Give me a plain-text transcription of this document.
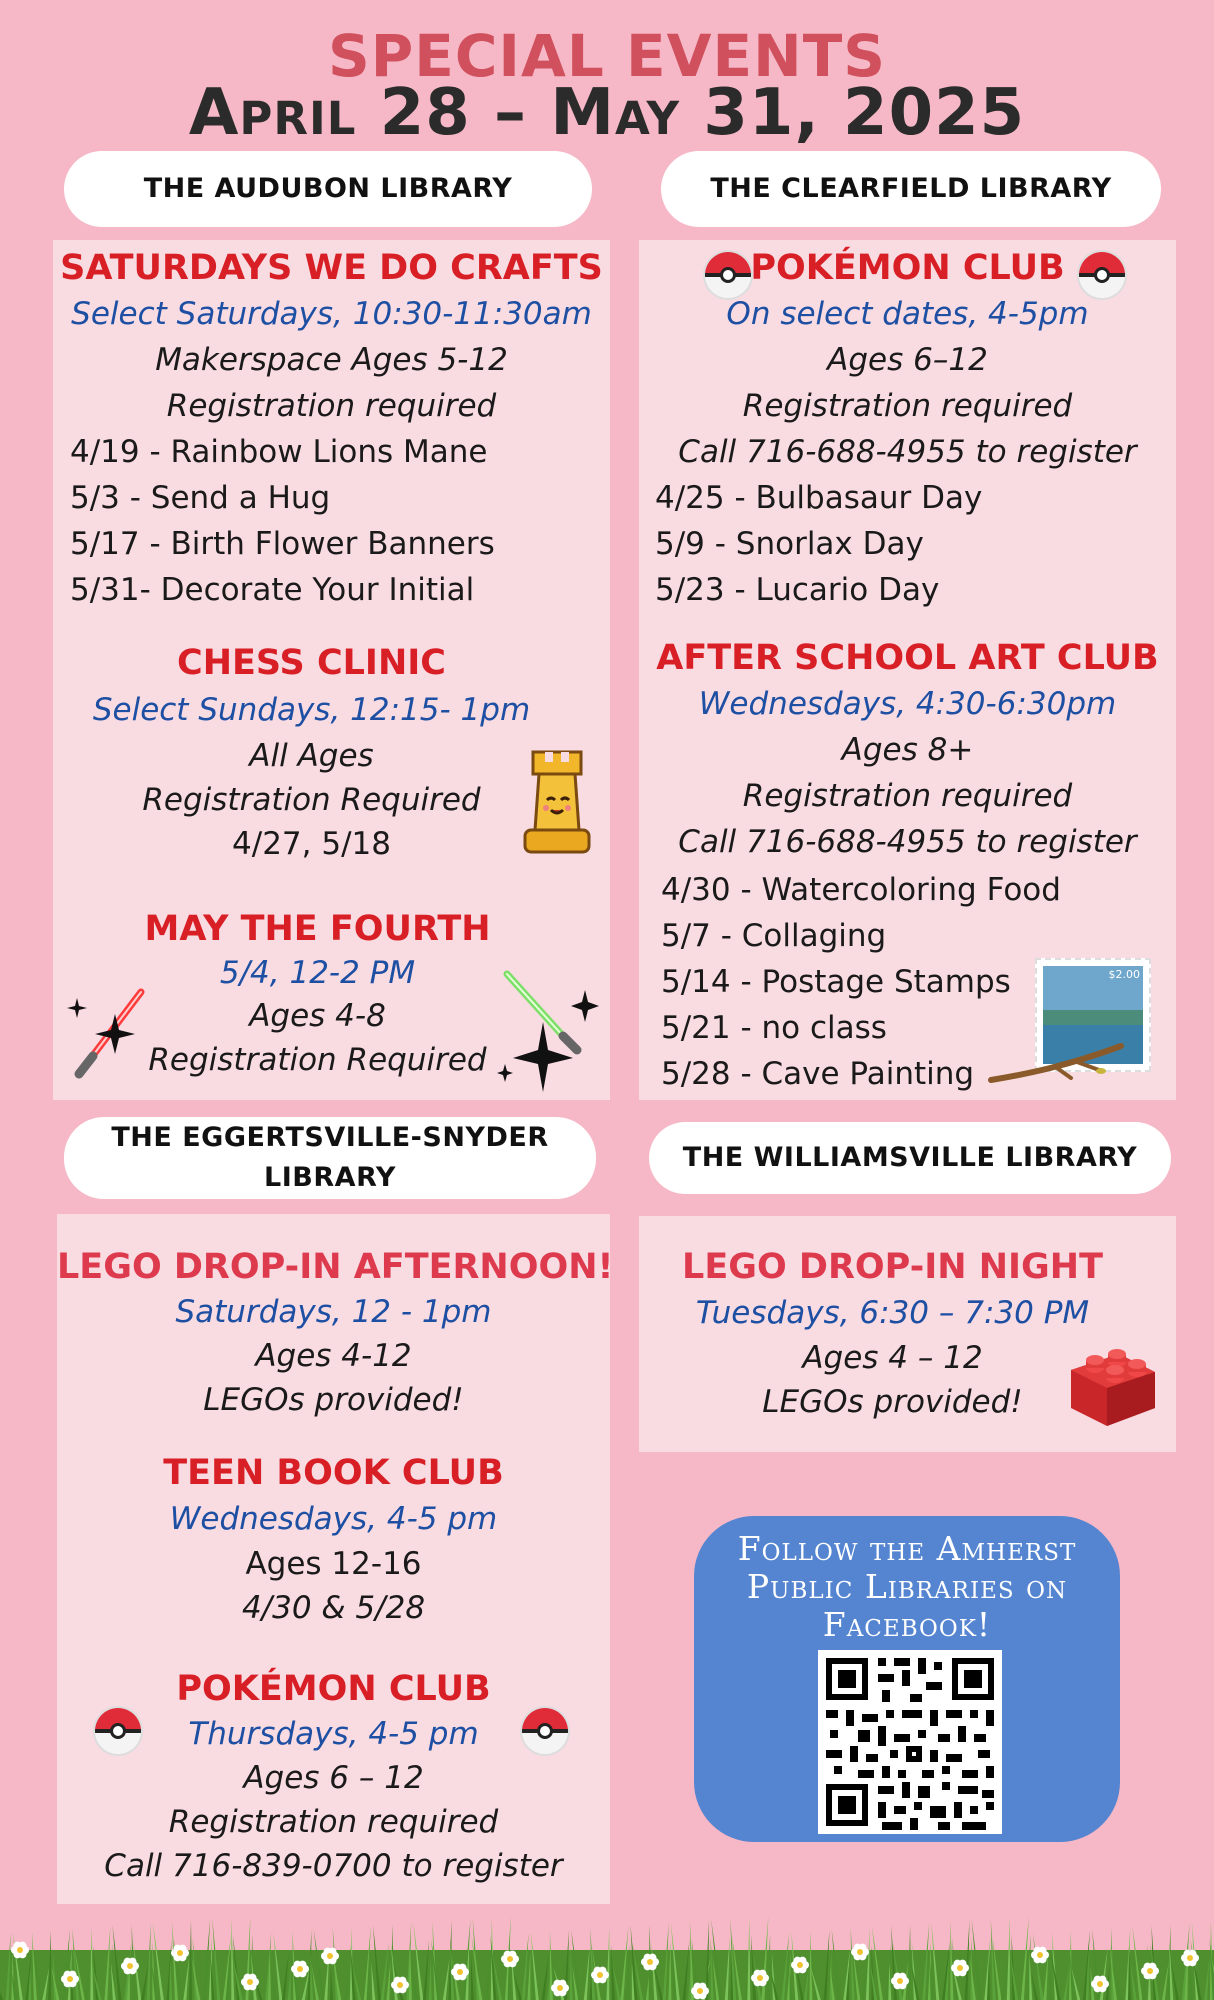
SPECIAL EVENTS
April 28 – May 31, 2025
THE AUDUBON LIBRARY	THE CLEARFIELD LIBRARY
THE EGGERTSVILLE-SNYDER
LIBRARY
THE WILLIAMSVILLE LIBRARY
SATURDAYS WE DO CRAFTS
Select Saturdays, 10:30-11:30am
Makerspace Ages 5-12
Registration required
4/19 - Rainbow Lions Mane
5/3 - Send a Hug
5/17 - Birth Flower Banners
5/31- Decorate Your Initial
CHESS CLINIC
Select Sundays, 12:15- 1pm
All Ages
Registration Required
4/27, 5/18
MAY THE FOURTH
5/4, 12-2 PM
Ages 4-8
Registration Required
POKÉMON CLUB
On select dates, 4-5pm
Ages 6–12
Registration required
Call 716-688-4955 to register
4/25 - Bulbasaur Day
5/9 - Snorlax Day
5/23 - Lucario Day
AFTER SCHOOL ART CLUB
Wednesdays, 4:30-6:30pm
Ages 8+
Registration required
Call 716-688-4955 to register
4/30 - Watercoloring Food
5/7 - Collaging
5/14 - Postage Stamps
5/21 - no class
5/28 - Cave Painting
$2.00
LEGO DROP-IN AFTERNOON!
Saturdays, 12 - 1pm
Ages 4-12
LEGOs provided!
TEEN BOOK CLUB
Wednesdays, 4-5 pm
Ages 12-16
4/30 & 5/28
POKÉMON CLUB
Thursdays, 4-5 pm
Ages 6 – 12
Registration required
Call 716-839-0700 to register
LEGO DROP-IN NIGHT
Tuesdays, 6:30 – 7:30 PM
Ages 4 – 12
LEGOs provided!
Follow the Amherst
Public Libraries on
Facebook!
